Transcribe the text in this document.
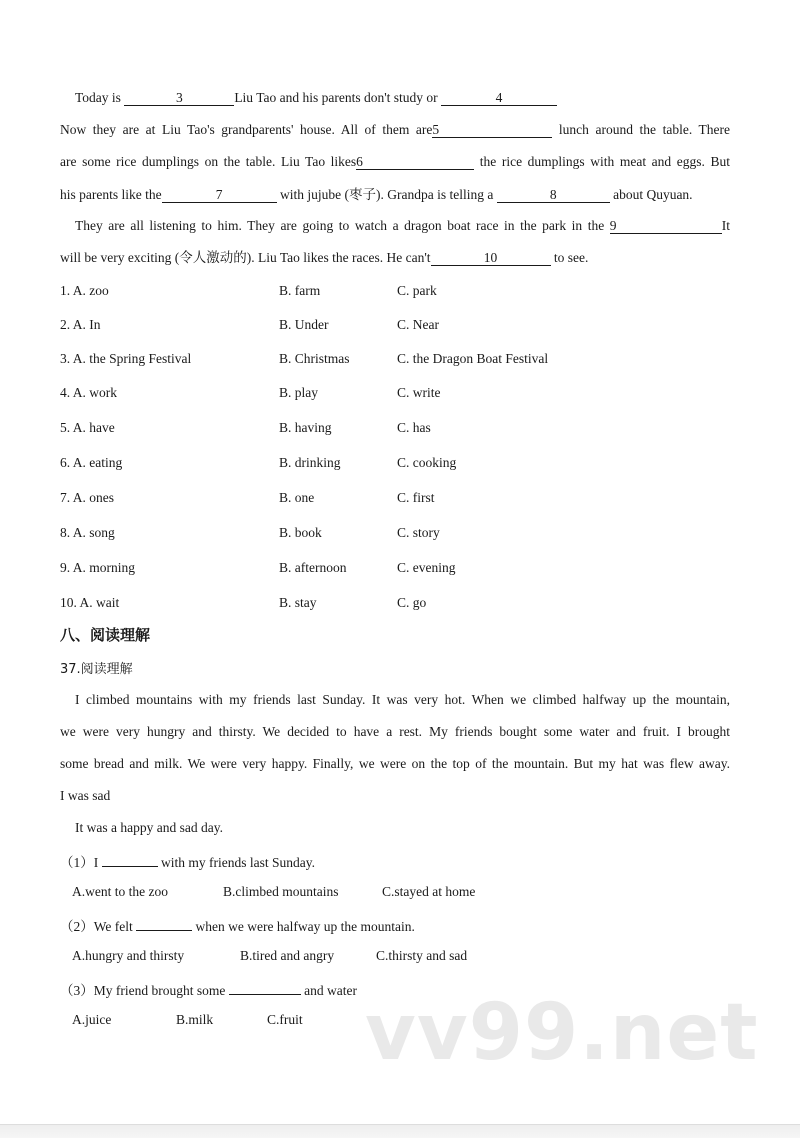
Today is	3	Liu Tao and his parents don't study or	4
Now they are at Liu Tao's grandparents' house. All of them are5	lunch around the table. There
are some rice dumplings on the table. Liu Tao likes6	the rice dumplings with meat and eggs. But
his parents like the	7	with jujube (枣子). Grandpa is telling a	8	about Quyuan.
They are all listening to him. They are going to watch a dragon boat race in the park in the 9	It
will be very exciting (令人激动的). Liu Tao likes the races. He can't	10	to see.
1. A. zoo	B. farm	C. park
2. A. In	B. Under	C. Near
3. A. the Spring Festival	B. Christmas	C. the Dragon Boat Festival
4. A. work	B. play	C. write
5. A. have	B. having	C. has
6. A. eating	B. drinking	C. cooking
7. A. ones	B. one	C. first
8. A. song	B. book	C. story
9. A. morning	B. afternoon	C. evening
10. A. wait	B. stay	C. go
八、阅读理解
37.阅读理解
I climbed mountains with my friends last Sunday. It was very hot. When we climbed halfway up the mountain,
we were very hungry and thirsty. We decided to have a rest. My friends bought some water and fruit. I brought
some bread and milk. We were very happy. Finally, we were on the top of the mountain. But my hat was flew away.
I was sad
It was a happy and sad day.
（1）I	with my friends last Sunday.
A.went to the zoo	B.climbed mountains	C.stayed at home
（2）We felt	when we were halfway up the mountain.
A.hungry and thirsty	B.tired and angry	C.thirsty and sad
（3）My friend brought some	and water
A.juice	B.milk	C.fruit vv99.net
